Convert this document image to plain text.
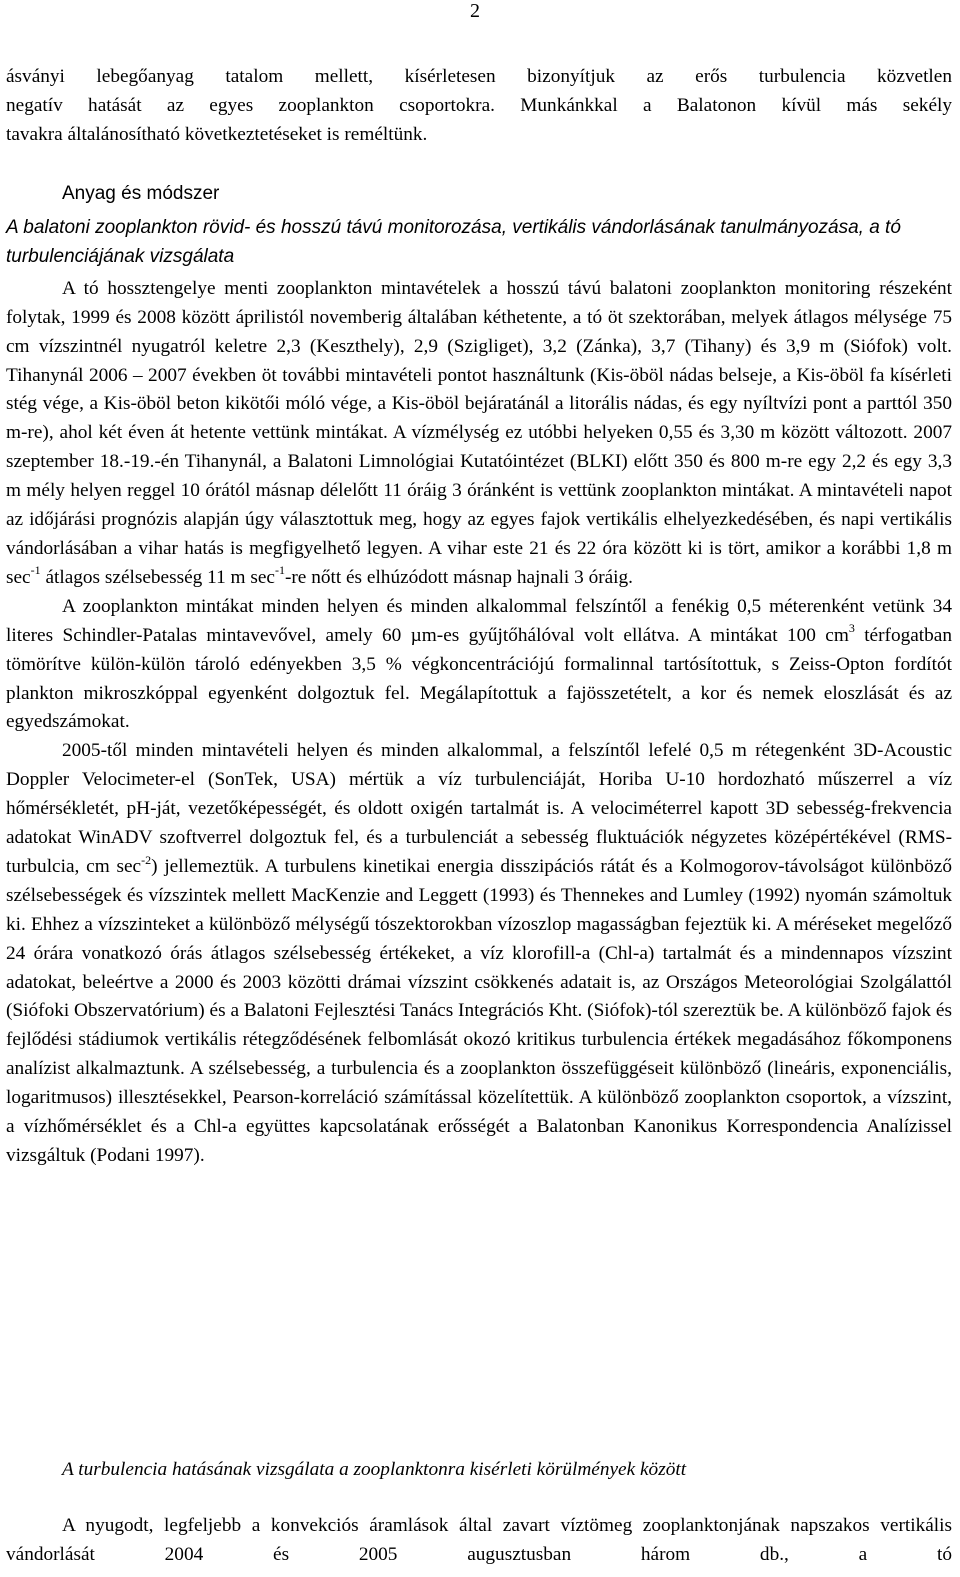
2

ásványi lebegőanyag tatalom mellett, kísérletesen bizonyítjuk az erős turbulencia közvetlen

negatív hatását az egyes zooplankton csoportokra. Munkánkkal a Balatonon kívül más sekély

tavakra általánosítható következtetéseket is reméltünk.

Anyag és módszer

A balatoni zooplankton rövid- és hosszú távú monitorozása, vertikális vándorlásának tanulmányozása, a tó turbulenciájának vizsgálata

A tó hossztengelye menti zooplankton mintavételek a hosszú távú balatoni zooplankton monitoring részeként folytak, 1999 és 2008 között áprilistól novemberig általában kéthetente, a tó öt szektorában, melyek átlagos mélysége 75 cm vízszintnél nyugatról keletre 2,3 (Keszthely), 2,9 (Szigliget), 3,2 (Zánka), 3,7 (Tihany) és 3,9 m (Siófok) volt. Tihanynál 2006 – 2007 években öt további mintavételi pontot használtunk (Kis-öböl nádas belseje, a Kis-öböl fa kísérleti stég vége, a Kis-öböl beton kikötői móló vége, a Kis-öböl bejáratánál a litorális nádas, és egy nyíltvízi pont a parttól 350 m-re), ahol két éven át hetente vettünk mintákat. A vízmélység ez utóbbi helyeken 0,55 és 3,30 m között változott. 2007 szeptember 18.-19.-én Tihanynál, a Balatoni Limnológiai Kutatóintézet (BLKI) előtt 350 és 800 m-re egy 2,2 és egy 3,3 m mély helyen reggel 10 órától másnap délelőtt 11 óráig 3 óránként is vettünk zooplankton mintákat. A mintavételi napot az időjárási prognózis alapján úgy választottuk meg, hogy az egyes fajok vertikális elhelyezkedésében, és napi vertikális vándorlásában a vihar hatás is megfigyelhető legyen. A vihar este 21 és 22 óra között ki is tört, amikor a korábbi 1,8 m $\sec^{-1}$ átlagos szélsebesség 11 m $\sec^{-1}-re$ nőtt és elhúzódott másnap hajnali 3 óráig.

A zooplankton mintákat minden helyen és minden alkalommal felszíntől a fenékig 0,5 méterenként vetünk 34 literes Schindler-Patalas mintavevővel, amely 60 µm-es gyűjtőhálóval volt ellátva. A mintákat 100 $cm^3$ térfogatban tömörítve külön-külön tároló edényekben 3,5 % végkoncentrációjú formalinnal tartósítottuk, s Zeiss-Opton fordítót plankton mikroszkóppal egyenként dolgoztuk fel. Megálapítottuk a fajösszetételt, a kor és nemek eloszlását és az egyedszámokat.

2005-től minden mintavételi helyen és minden alkalommal, a felszíntől lefelé 0,5 m rétegenként 3D-Acoustic Doppler Velocimeter-el (SonTek, USA) mértük a víz turbulenciáját, Horiba U-10 hordozható műszerrel a víz hőmérsékletét, pH-ját, vezetőképességét, és oldott oxigén tartalmát is. A velociméterrel kapott 3D sebesség-frekvencia adatokat WinADV szoftverrel dolgoztuk fel, és a turbulenciát a sebesség fluktuációk négyzetes középértékével (RMS-turbulcia, cm $\sec^{-2}$) jellemeztük. A turbulens kinetikai energia disszipációs rátát és a Kolmogorov-távolságot különböző szélsebességek és vízszintek mellett MacKenzie and Leggett (1993) és Thennekes and Lumley (1992) nyomán számoltuk ki. Ehhez a vízszinteket a különböző mélységű tószektorokban vízoszlop magasságban fejeztük ki. A méréseket megelőző 24 órára vonatkozó órás átlagos szélsebesség értékeket, a víz klorofill-a (Chl-a) tartalmát és a mindennapos vízszint adatokat, beleértve a 2000 és 2003 közötti drámai vízszint csökkenés adatait is, az Országos Meteorológiai Szolgálattól (Siófoki Obszervatórium) és a Balatoni Fejlesztési Tanács Integrációs Kht. (Siófok)-tól szereztük be. A különböző fajok és fejlődési stádiumok vertikális rétegződésének felbomlását okozó kritikus turbulencia értékek megadásához főkomponens analízist alkalmaztunk. A szélsebesség, a turbulencia és a zooplankton összefüggéseit különböző (lineáris, exponenciális, logaritmusos) illesztésekkel, Pearson-korreláció számítással közelítettük. A különböző zooplankton csoportok, a vízszint, a vízhőmérséklet és a Chl-a együttes kapcsolatának erősségét a Balatonban Kanonikus Korrespondencia Analízissel vizsgáltuk (Podani 1997).

A turbulencia hatásának vizsgálata a zooplanktonra kisérleti körülmények között

A nyugodt, legfeljebb a konvekciós áramlások által zavart víztömeg zooplanktonjának napszakos vertikális vándorlását 2004 és 2005 augusztusban három db., a tó
